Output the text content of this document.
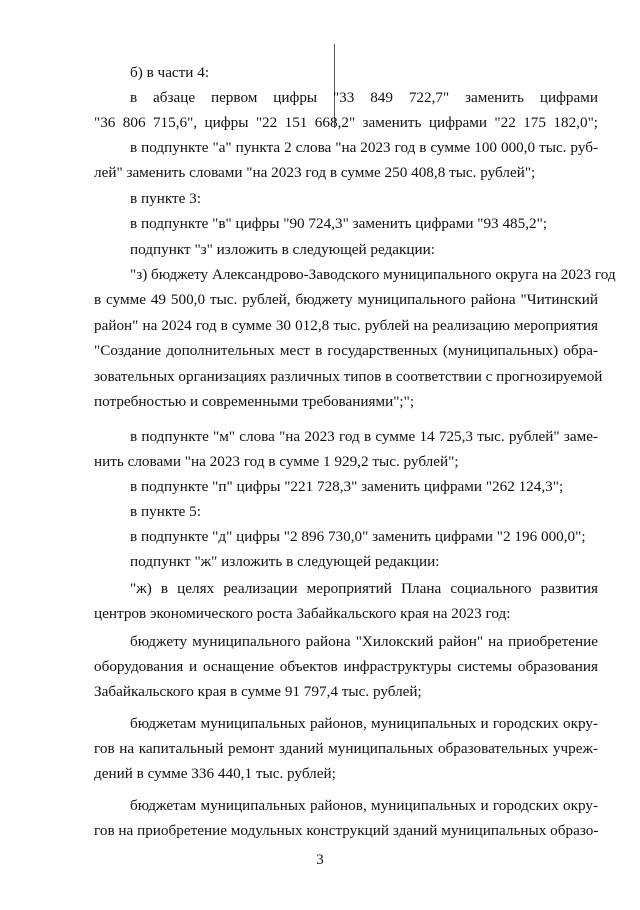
б) в части 4:
в абзаце первом цифры "33 849 722,7" заменить цифрами
"36 806 715,6", цифры "22 151 668,2" заменить цифрами "22 175 182,0";
в подпункте "а" пункта 2 слова "на 2023 год в сумме 100 000,0 тыс. руб-
лей" заменить словами "на 2023 год в сумме 250 408,8 тыс. рублей";
в пункте 3:
в подпункте "в" цифры "90 724,3" заменить цифрами "93 485,2";
подпункт "з" изложить в следующей редакции:
"з) бюджету Александрово-Заводского муниципального округа на 2023 год
в сумме 49 500,0 тыс. рублей, бюджету муниципального района "Читинский
район" на 2024 год в сумме 30 012,8 тыс. рублей на реализацию мероприятия
"Создание дополнительных мест в государственных (муниципальных) обра-
зовательных организациях различных типов в соответствии с прогнозируемой
потребностью и современными требованиями";";
в подпункте "м" слова "на 2023 год в сумме 14 725,3 тыс. рублей" заме-
нить словами "на 2023 год в сумме 1 929,2 тыс. рублей";
в подпункте "п" цифры "221 728,3" заменить цифрами "262 124,3";
в пункте 5:
в подпункте "д" цифры "2 896 730,0" заменить цифрами "2 196 000,0";
подпункт "ж" изложить в следующей редакции:
"ж) в целях реализации мероприятий Плана социального развития
центров экономического роста Забайкальского края на 2023 год:
бюджету муниципального района "Хилокский район" на приобретение
оборудования и оснащение объектов инфраструктуры системы образования
Забайкальского края в сумме 91 797,4 тыс. рублей;
бюджетам муниципальных районов, муниципальных и городских окру-
гов на капитальный ремонт зданий муниципальных образовательных учреж-
дений в сумме 336 440,1 тыс. рублей;
бюджетам муниципальных районов, муниципальных и городских окру-
гов на приобретение модульных конструкций зданий муниципальных образо-
3
